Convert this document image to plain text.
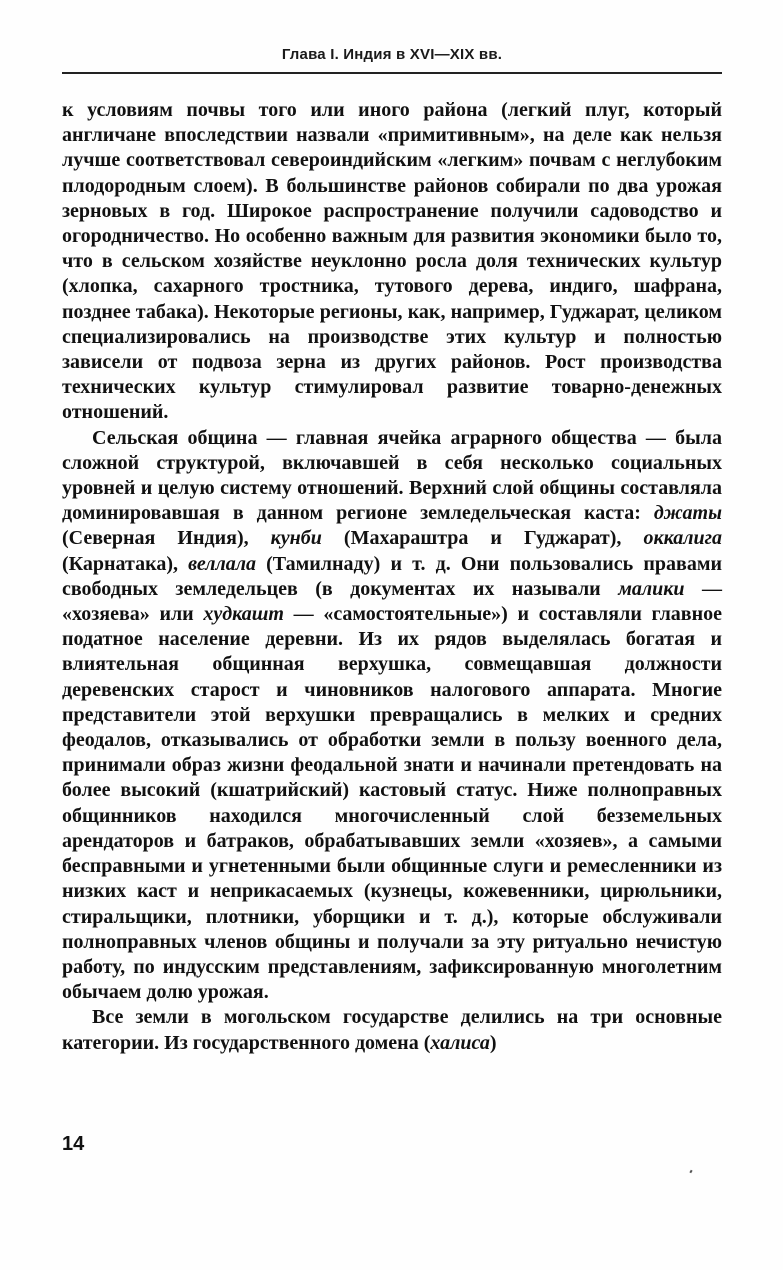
Глава I. Индия в XVI—XIX вв.

к условиям почвы того или иного района (легкий плуг, который англичане впоследствии назвали «примитивным», на деле как нельзя лучше соответствовал североиндийским «легким» почвам с неглубоким плодородным слоем). В большинстве районов собирали по два урожая зерновых в год. Широкое распространение получили садоводство и огородничество. Но особенно важным для развития экономики было то, что в сельском хозяйстве неуклонно росла доля технических культур (хлопка, сахарного тростника, тутового дерева, индиго, шафрана, позднее табака). Некоторые регионы, как, например, Гуджарат, целиком специализировались на производстве этих культур и полностью зависели от подвоза зерна из других районов. Рост производства технических культур стимулировал развитие товарно-денежных отношений.

Сельская община — главная ячейка аграрного общества — была сложной структурой, включавшей в себя несколько социальных уровней и целую систему отношений. Верхний слой общины составляла доминировавшая в данном регионе земледельческая каста: джаты (Северная Индия), кунби (Махараштра и Гуджарат), оккалига (Карнатака), веллала (Тамилнаду) и т. д. Они пользовались правами свободных земледельцев (в документах их называли малики — «хозяева» или худкашт — «самостоятельные») и составляли главное податное население деревни. Из их рядов выделялась богатая и влиятельная общинная верхушка, совмещавшая должности деревенских старост и чиновников налогового аппарата. Многие представители этой верхушки превращались в мелких и средних феодалов, отказывались от обработки земли в пользу военного дела, принимали образ жизни феодальной знати и начинали претендовать на более высокий (кшатрийский) кастовый статус. Ниже полноправных общинников находился многочисленный слой безземельных арендаторов и батраков, обрабатывавших земли «хозяев», а самыми бесправными и угнетенными были общинные слуги и ремесленники из низких каст и неприкасаемых (кузнецы, кожевенники, цирюльники, стиральщики, плотники, уборщики и т. д.), которые обслуживали полноправных членов общины и получали за эту ритуально нечистую работу, по индусским представлениям, зафиксированную многолетним обычаем долю урожая.

Все земли в могольском государстве делились на три основные категории. Из государственного домена (халиса)

14
